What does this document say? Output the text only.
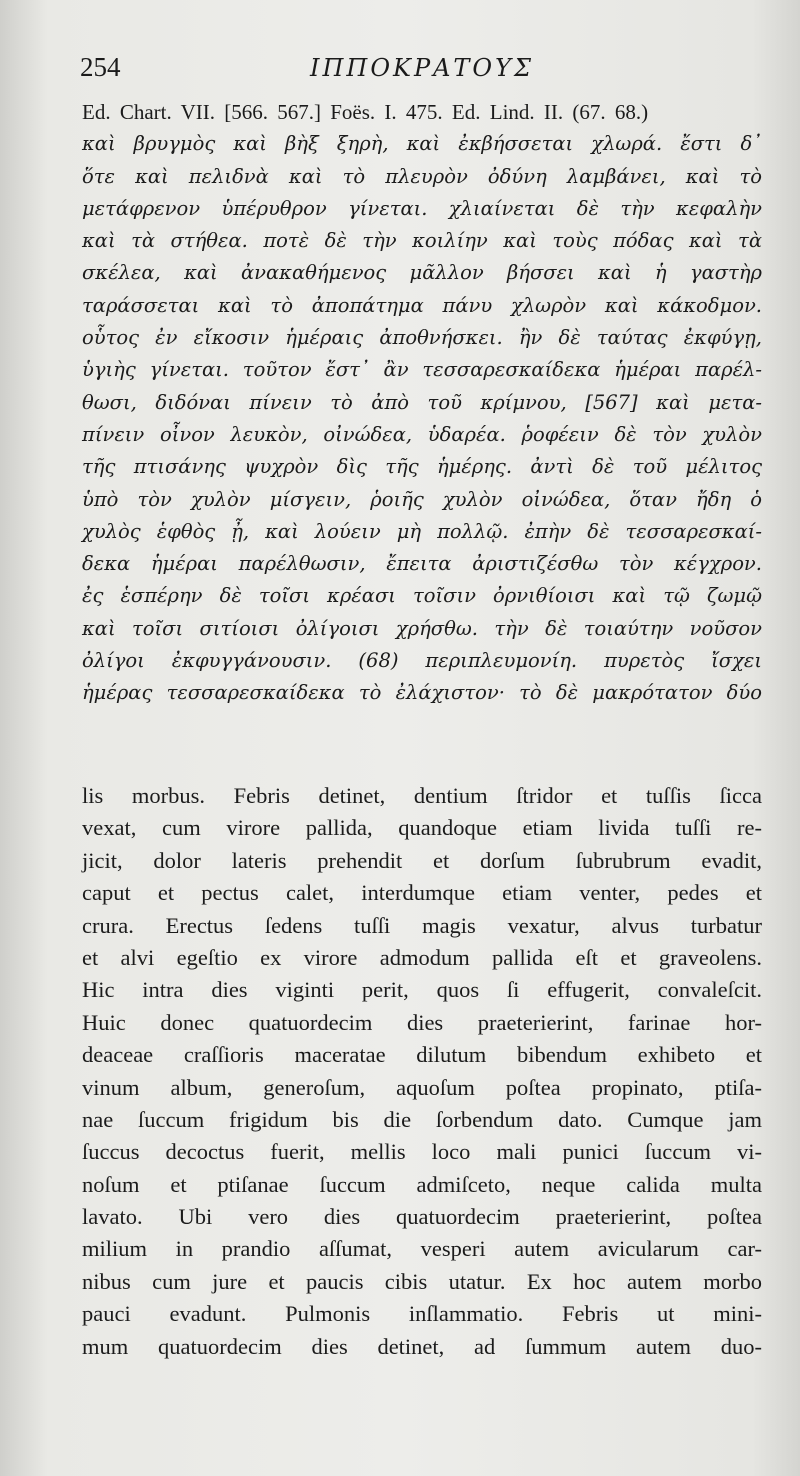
254	ΙΠΠΟΚΡΑΤΟΥΣ
Ed. Chart. VII. [566. 567.] Foës. I. 475. Ed. Lind. II. (67. 68.)
καὶ βρυγμὸς καὶ βὴξ ξηρὴ, καὶ ἐκβήσσεται χλωρά. ἔστι δ᾽
ὅτε καὶ πελιδνὰ καὶ τὸ πλευρὸν ὀδύνη λαμβάνει, καὶ τὸ
μετάφρενον ὑπέρυθρον γίνεται. χλιαίνεται δὲ τὴν κεφαλὴν
καὶ τὰ στήθεα. ποτὲ δὲ τὴν κοιλίην καὶ τοὺς πόδας καὶ τὰ
σκέλεα, καὶ ἀνακαθήμενος μᾶλλον βήσσει καὶ ἡ γαστὴρ
ταράσσεται καὶ τὸ ἀποπάτημα πάνυ χλωρὸν καὶ κάκοδμον.
οὗτος ἐν εἴκοσιν ἡμέραις ἀποθνήσκει. ἢν δὲ ταύτας ἐκφύγῃ,
ὑγιὴς γίνεται. τοῦτον ἔστ᾽ ἂν τεσσαρεσκαίδεκα ἡμέραι παρέλ-
θωσι, διδόναι πίνειν τὸ ἀπὸ τοῦ κρίμνου, [567] καὶ μετα-
πίνειν οἶνον λευκὸν, οἰνώδεα, ὑδαρέα. ῥοφέειν δὲ τὸν χυλὸν
τῆς πτισάνης ψυχρὸν δὶς τῆς ἡμέρης. ἀντὶ δὲ τοῦ μέλιτος
ὑπὸ τὸν χυλὸν μίσγειν, ῥοιῆς χυλὸν οἰνώδεα, ὅταν ἤδη ὁ
χυλὸς ἑφθὸς ᾖ, καὶ λούειν μὴ πολλῷ. ἐπὴν δὲ τεσσαρεσκαί-
δεκα ἡμέραι παρέλθωσιν, ἔπειτα ἀριστιζέσθω τὸν κέγχρον.
ἐς ἑσπέρην δὲ τοῖσι κρέασι τοῖσιν ὀρνιθίοισι καὶ τῷ ζωμῷ
καὶ τοῖσι σιτίοισι ὀλίγοισι χρήσθω. τὴν δὲ τοιαύτην νοῦσον
ὀλίγοι ἐκφυγγάνουσιν. (68) περιπλευμονίη. πυρετὸς ἴσχει
ἡμέρας τεσσαρεσκαίδεκα τὸ ἐλάχιστον· τὸ δὲ μακρότατον δύο
lis morbus. Febris detinet, dentium ſtridor et tuſſis ſicca
vexat, cum virore pallida, quandoque etiam livida tuſſi re-
jicit, dolor lateris prehendit et dorſum ſubrubrum evadit,
caput et pectus calet, interdumque etiam venter, pedes et
crura. Erectus ſedens tuſſi magis vexatur, alvus turbatur
et alvi egeſtio ex virore admodum pallida eſt et graveolens.
Hic intra dies viginti perit, quos ſi effugerit, convaleſcit.
Huic donec quatuordecim dies praeterierint, farinae hor-
deaceae craſſioris maceratae dilutum bibendum exhibeto et
vinum album, generoſum, aquoſum poſtea propinato, ptiſa-
nae ſuccum frigidum bis die ſorbendum dato. Cumque jam
ſuccus decoctus fuerit, mellis loco mali punici ſuccum vi-
noſum et ptiſanae ſuccum admiſceto, neque calida multa
lavato. Ubi vero dies quatuordecim praeterierint, poſtea
milium in prandio aſſumat, vesperi autem avicularum car-
nibus cum jure et paucis cibis utatur. Ex hoc autem morbo
pauci evadunt. Pulmonis inſlammatio. Febris ut mini-
mum quatuordecim dies detinet, ad ſummum autem duo-
